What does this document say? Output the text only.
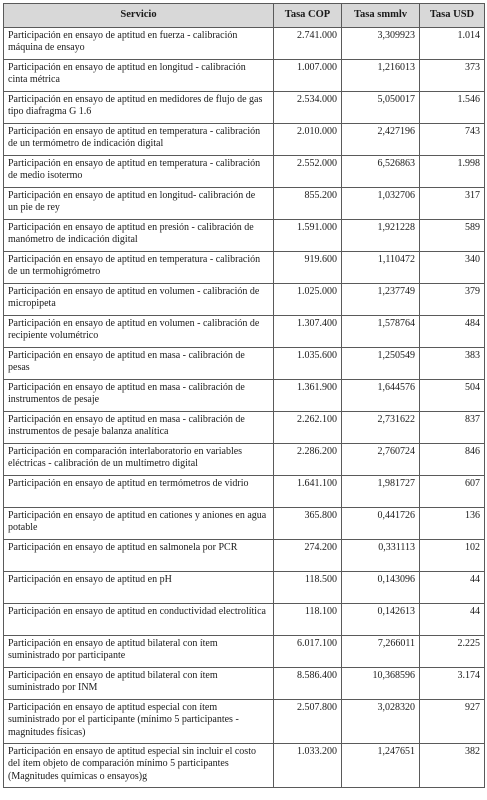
Servicio	Tasa COP	Tasa smmlv	Tasa USD
Participación en ensayo de aptitud en fuerza - calibración máquina de ensayo	2.741.000	3,309923	1.014
Participación en ensayo de aptitud en longitud - calibración cinta métrica	1.007.000	1,216013	373
Participación en ensayo de aptitud en medidores de flujo de gas tipo diafragma G 1.6	2.534.000	5,050017	1.546
Participación en ensayo de aptitud en temperatura - calibración de un termómetro de indicación digital	2.010.000	2,427196	743
Participación en ensayo de aptitud en temperatura - calibración de medio isotermo	2.552.000	6,526863	1.998
Participación en ensayo de aptitud en longitud- calibración de un pie de rey	855.200	1,032706	317
Participación en ensayo de aptitud en presión - calibración de manómetro de indicación digital	1.591.000	1,921228	589
Participación en ensayo de aptitud en temperatura - calibración de un termohigrómetro	919.600	1,110472	340
Participación en ensayo de aptitud en volumen - calibración de micropipeta	1.025.000	1,237749	379
Participación en ensayo de aptitud en volumen - calibración de recipiente volumétrico	1.307.400	1,578764	484
Participación en ensayo de aptitud en masa - calibración de pesas	1.035.600	1,250549	383
Participación en ensayo de aptitud en masa - calibración de instrumentos de pesaje	1.361.900	1,644576	504
Participación en ensayo de aptitud en masa - calibración de instrumentos de pesaje balanza analítica	2.262.100	2,731622	837
Participación en comparación interlaboratorio en variables eléctricas - calibración de un multímetro digital	2.286.200	2,760724	846
Participación en ensayo de aptitud en termómetros de vidrio	1.641.100	1,981727	607
Participación en ensayo de aptitud en cationes y aniones en agua potable	365.800	0,441726	136
Participación en ensayo de aptitud en salmonela por PCR	274.200	0,331113	102
Participación en ensayo de aptitud en pH	118.500	0,143096	44
Participación en ensayo de aptitud en conductividad electrolítica	118.100	0,142613	44
Participación en ensayo de aptitud bilateral con ítem suministrado por participante	6.017.100	7,266011	2.225
Participación en ensayo de aptitud bilateral con ítem suministrado por INM	8.586.400	10,368596	3.174
Participación en ensayo de aptitud especial con ítem suministrado por el participante (mínimo 5 participantes - magnitudes físicas)	2.507.800	3,028320	927
Participación en ensayo de aptitud especial sin incluir el costo del ítem objeto de comparación mínimo 5 participantes (Magnitudes químicas o ensayos)g	1.033.200	1,247651	382
